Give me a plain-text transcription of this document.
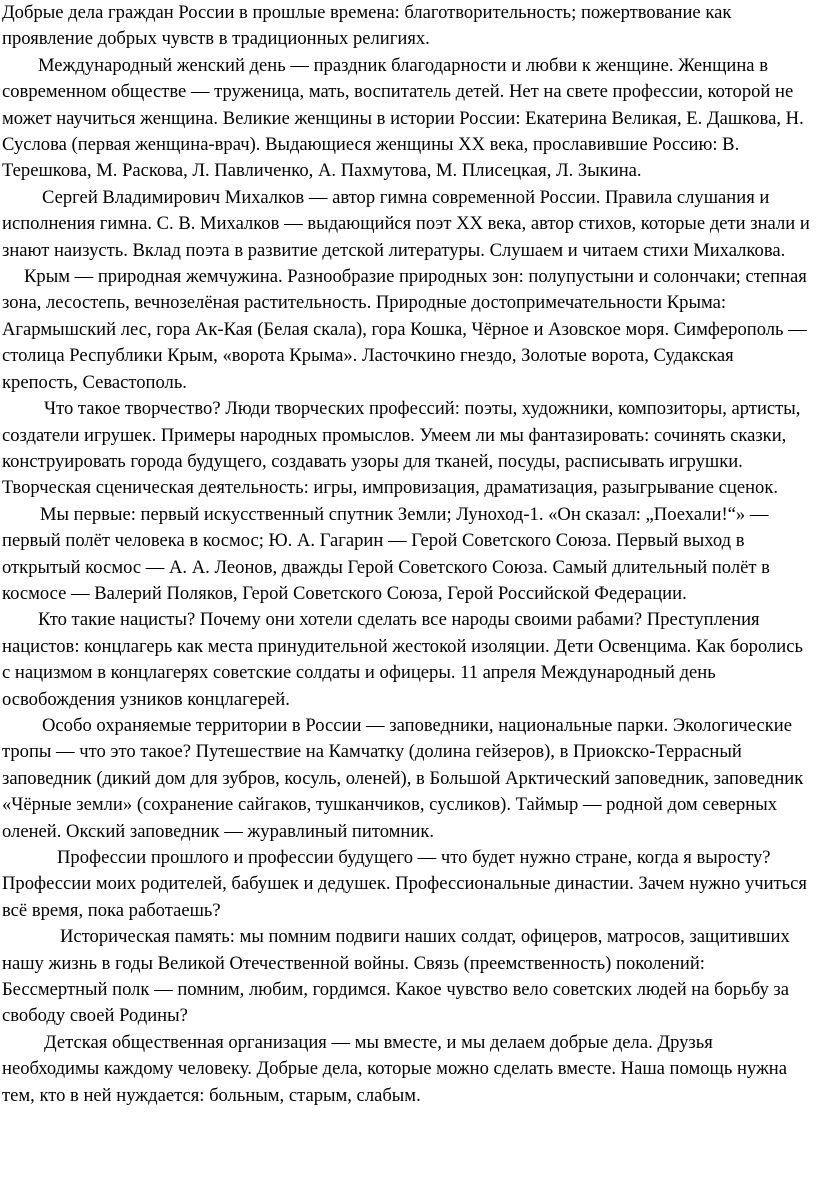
Добрые дела граждан России в прошлые времена: благотворительность; пожертвование как проявление добрых чувств в традиционных религиях.

Международный женский день — праздник благодарности и любви к женщине. Женщина в современном обществе — труженица, мать, воспитатель детей. Нет на свете профессии, которой не может научиться женщина. Великие женщины в истории России: Екатерина Великая, Е. Дашкова, Н. Суслова (первая женщина-врач). Выдающиеся женщины XX века, прославившие Россию: В. Терешкова, М. Раскова, Л. Павличенко, А. Пахмутова, М. Плисецкая, Л. Зыкина.

Сергей Владимирович Михалков — автор гимна современной России. Правила слушания и исполнения гимна. С. В. Михалков — выдающийся поэт XX века, автор стихов, которые дети знали и знают наизусть. Вклад поэта в развитие детской литературы. Слушаем и читаем стихи Михалкова.

Крым — природная жемчужина. Разнообразие природных зон: полупустыни и солончаки; степная зона, лесостепь, вечнозелёная растительность. Природные достопримечательности Крыма: Агармышский лес, гора Ак-Кая (Белая скала), гора Кошка, Чёрное и Азовское моря. Симферополь — столица Республики Крым, «ворота Крыма». Ласточкино гнездо, Золотые ворота, Судакская крепость, Севастополь.

Что такое творчество? Люди творческих профессий: поэты, художники, композиторы, артисты, создатели игрушек. Примеры народных промыслов. Умеем ли мы фантазировать: сочинять сказки, конструировать города будущего, создавать узоры для тканей, посуды, расписывать игрушки. Творческая сценическая деятельность: игры, импровизация, драматизация, разыгрывание сценок.

Мы первые: первый искусственный спутник Земли; Луноход-1. «Он сказал: „Поехали!“» — первый полёт человека в космос; Ю. А. Гагарин — Герой Советского Союза. Первый выход в открытый космос — А. А. Леонов, дважды Герой Советского Союза. Самый длительный полёт в космосе — Валерий Поляков, Герой Советского Союза, Герой Российской Федерации.

Кто такие нацисты? Почему они хотели сделать все народы своими рабами? Преступления нацистов: концлагерь как места принудительной жестокой изоляции. Дети Освенцима. Как боролись с нацизмом в концлагерях советские солдаты и офицеры. 11 апреля Международный день освобождения узников концлагерей.

Особо охраняемые территории в России — заповедники, национальные парки. Экологические тропы — что это такое? Путешествие на Камчатку (долина гейзеров), в Приокско-Террасный заповедник (дикий дом для зубров, косуль, оленей), в Большой Арктический заповедник, заповедник «Чёрные земли» (сохранение сайгаков, тушканчиков, сусликов). Таймыр — родной дом северных оленей. Окский заповедник — журавлиный питомник.

Профессии прошлого и профессии будущего — что будет нужно стране, когда я выросту? Профессии моих родителей, бабушек и дедушек. Профессиональные династии. Зачем нужно учиться всё время, пока работаешь?

Историческая память: мы помним подвиги наших солдат, офицеров, матросов, защитивших нашу жизнь в годы Великой Отечественной войны. Связь (преемственность) поколений: Бессмертный полк — помним, любим, гордимся. Какое чувство вело советских людей на борьбу за свободу своей Родины?

Детская общественная организация — мы вместе, и мы делаем добрые дела. Друзья необходимы каждому человеку. Добрые дела, которые можно сделать вместе. Наша помощь нужна тем, кто в ней нуждается: больным, старым, слабым.
